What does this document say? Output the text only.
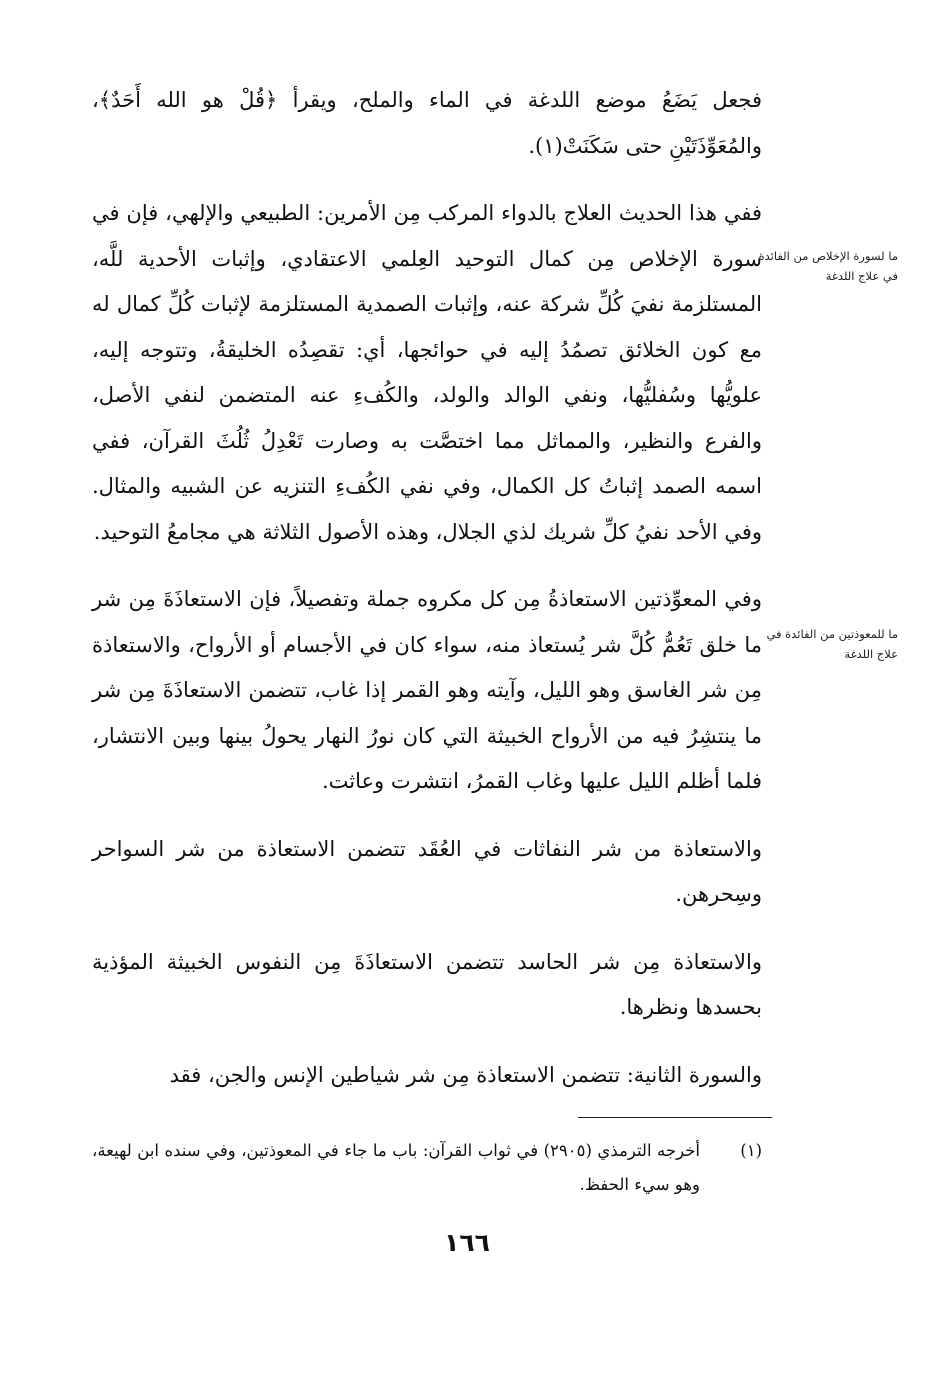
ما لسورة الإخلاص من الفائدة في علاج اللدغة
ما للمعوذتين من الفائدة في علاج اللدغة

فجعل يَضَعُ موضع اللدغة في الماء والملح، ويقرأ ﴿قُلْ هو الله أَحَدٌ﴾، والمُعَوِّذَتَيْنِ حتى سَكَنَتْ(١).

ففي هذا الحديث العلاج بالدواء المركب مِن الأمرين: الطبيعي والإلهي، فإن في سورة الإخلاص مِن كمال التوحيد العِلمي الاعتقادي، وإثبات الأحدية للَّه، المستلزمة نفيَ كُلِّ شركة عنه، وإثبات الصمدية المستلزمة لإثبات كُلِّ كمال له مع كون الخلائق تصمُدُ إليه في حوائجها، أي: تقصِدُه الخليقةُ، وتتوجه إليه، علويُّها وسُفليُّها، ونفي الوالد والولد، والكُفءِ عنه المتضمن لنفي الأصل، والفرع والنظير، والمماثل مما اختصَّت به وصارت تَعْدِلُ ثُلُثَ القرآن، ففي اسمه الصمد إثباتُ كل الكمال، وفي نفي الكُفءِ التنزيه عن الشبيه والمثال. وفي الأحد نفيُ كلِّ شريك لذي الجلال، وهذه الأصول الثلاثة هي مجامعُ التوحيد.

وفي المعوِّذتين الاستعاذةُ مِن كل مكروه جملة وتفصيلاً، فإن الاستعاذَةَ مِن شر ما خلق تَعُمُّ كُلَّ شر يُستعاذ منه، سواء كان في الأجسام أو الأرواح، والاستعاذة مِن شر الغاسق وهو الليل، وآيته وهو القمر إذا غاب، تتضمن الاستعاذَةَ مِن شر ما ينتشِرُ فيه من الأرواح الخبيثة التي كان نورُ النهار يحولُ بينها وبين الانتشار، فلما أظلم الليل عليها وغاب القمرُ، انتشرت وعاثت.

والاستعاذة من شر النفاثات في العُقَد تتضمن الاستعاذة من شر السواحر وسِحرهن.

والاستعاذة مِن شر الحاسد تتضمن الاستعاذَةَ مِن النفوس الخبيثة المؤذية بحسدها ونظرها.

والسورة الثانية: تتضمن الاستعاذة مِن شر شياطين الإنس والجن، فقد

(١)
أخرجه الترمذي (٢٩٠٥) في ثواب القرآن: باب ما جاء في المعوذتين، وفي سنده ابن لهيعة، وهو سيء الحفظ.
١٦٦
